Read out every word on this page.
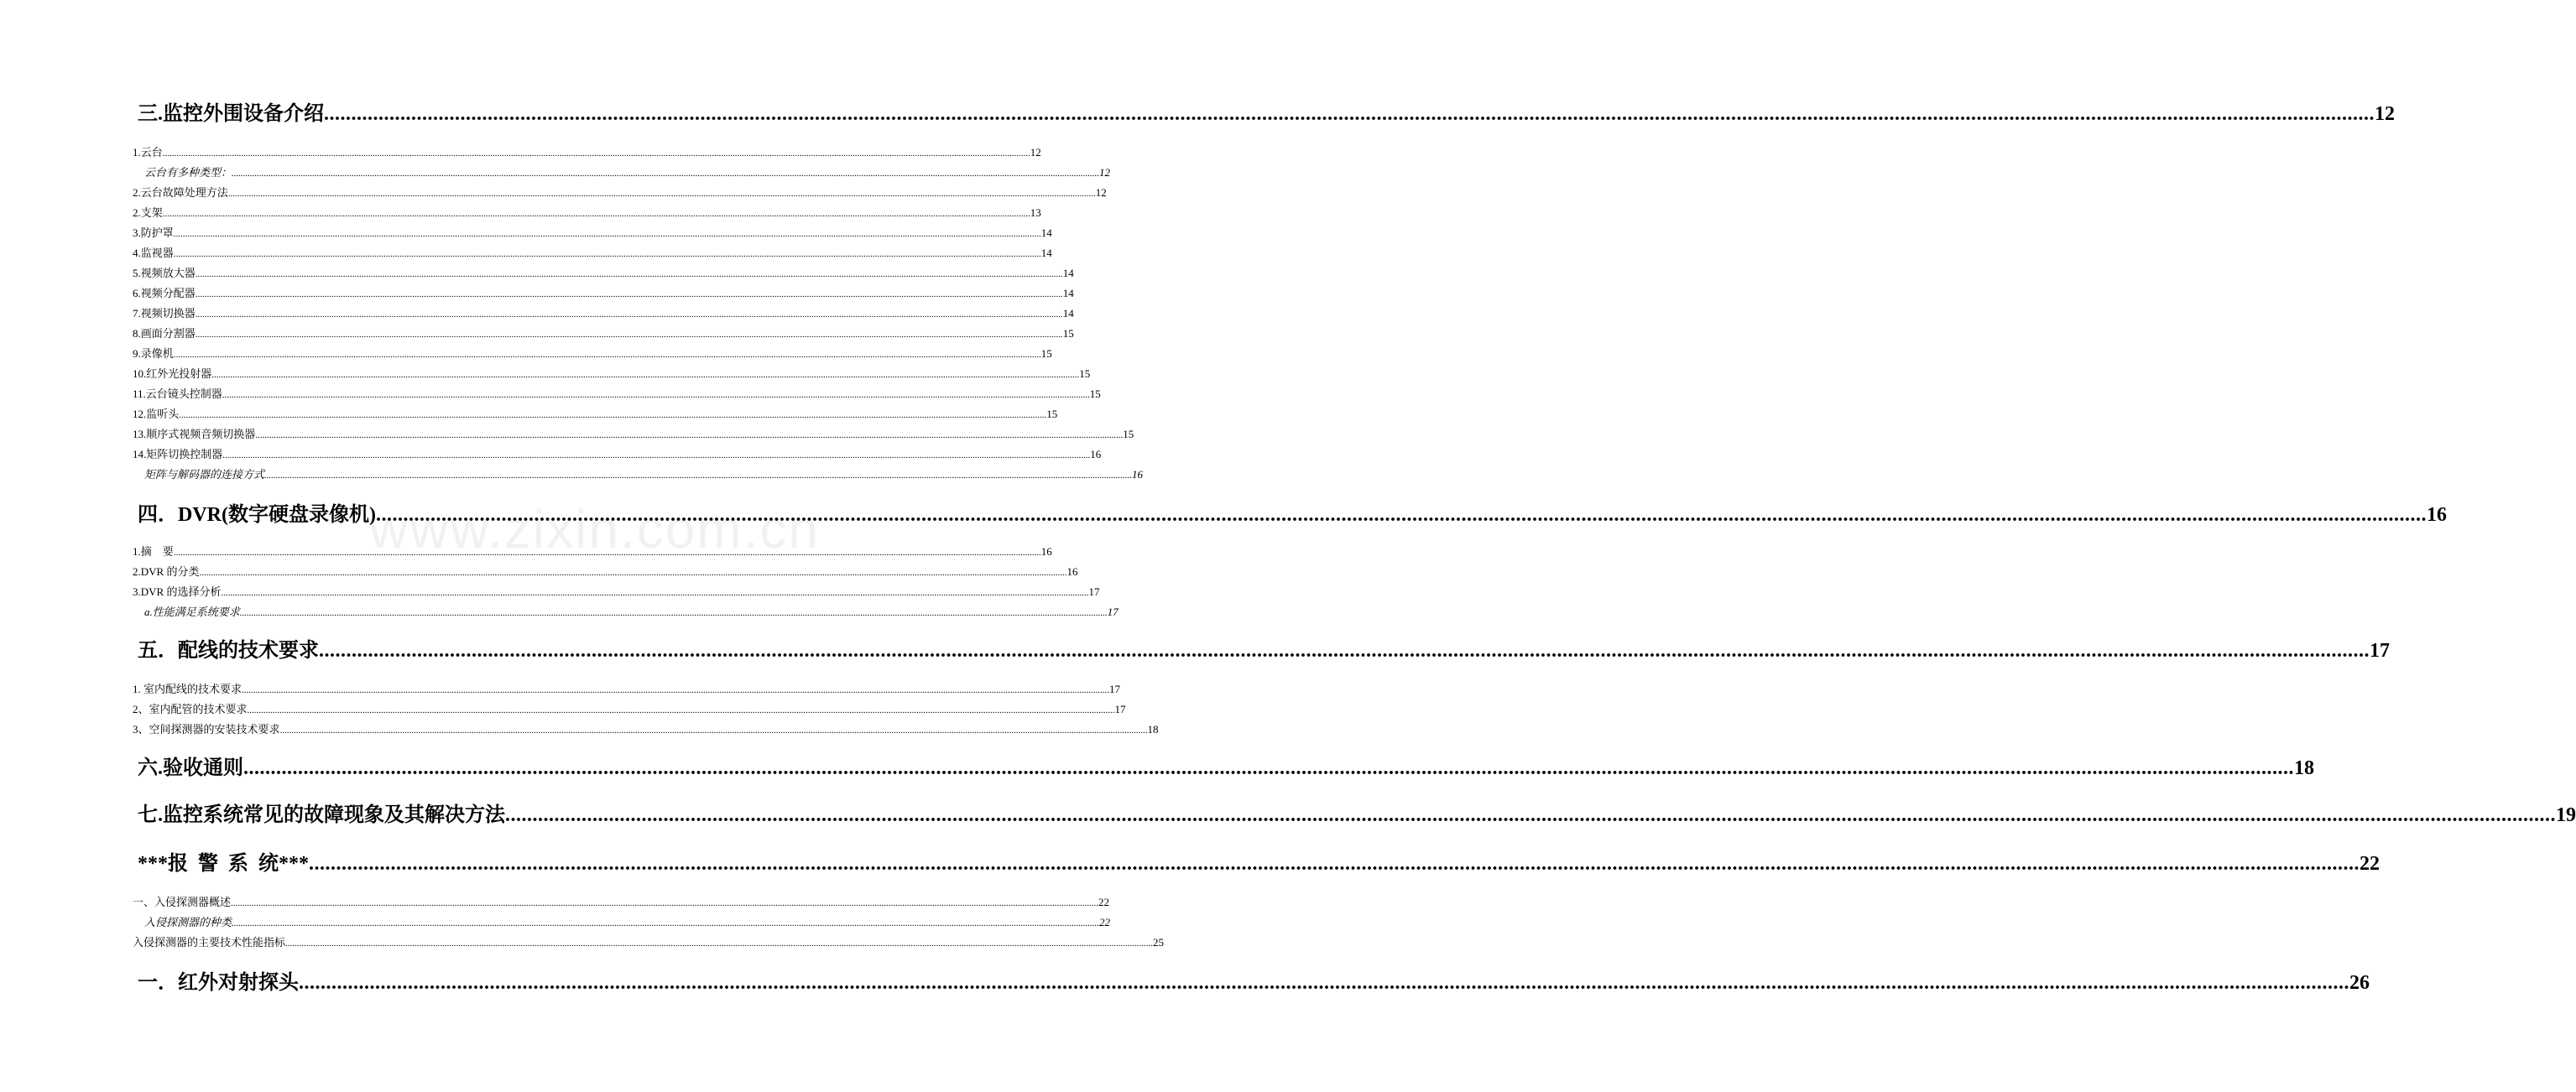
www.zixin.com.cn
三.监控外围设备介绍 .....	12
1.云台 .....	12
云台有多种类型： .....	12
2.云台故障处理方法 .....	12
2.支架 .....	13
3.防护罩 .....	14
4.监视器 .....	14
5.视频放大器 .....	14
6.视频分配器 .....	14
7.视频切换器 .....	14
8.画面分割器 .....	15
9.录像机 .....	15
10.红外光投射器 .....	15
11.云台镜头控制器 .....	15
12.监听头 .....	15
13.顺序式视频音频切换器 .....	15
14.矩阵切换控制器 .....	16
矩阵与解码器的连接方式 .....	16
四．DVR(数字硬盘录像机) .....	16
1.摘　要 .....	16
2.DVR 的分类 .....	16
3.DVR 的选择分析 .....	17
a.性能满足系统要求 .....	17
五．配线的技术要求 .....	17
1. 室内配线的技术要求 .....	17
2、室内配管的技术要求 .....	17
3、空间探测器的安装技术要求 .....	18
六.验收通则 .....	18
七.监控系统常见的故障现象及其解决方法 .....	19
***报  警  系  统*** .....	22
一、入侵探测器概述 .....	22
入侵探测器的种类 .....	22
入侵探测器的主要技术性能指标 .....	25
一． 红外对射探头 .....	26
